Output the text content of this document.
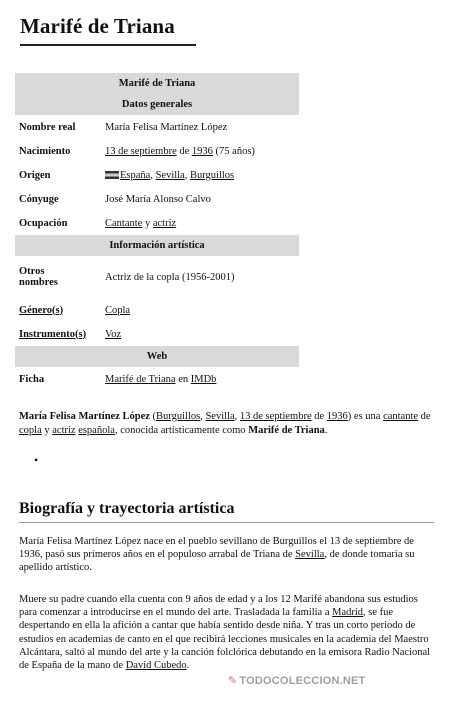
Marifé de Triana
Marifé de Triana	
Datos generales	
Nombre real	María Felisa Martínez López
Nacimiento	13 de septiembre de 1936 (75 años)
Origen	España, Sevilla, Burguillos
Cónyuge	José María Alonso Calvo
Ocupación	Cantante y actriz
Información artística	
Otros
nombres	Actriz de la copla (1956-2001)
Género(s)	Copla
Instrumento(s)	Voz
Web	
Ficha	Marifé de Triana en IMDb

María Felisa Martínez López (Burguillos, Sevilla, 13 de septiembre de 1936) es una cantante de copla y actriz española, conocida artísticamente como Marifé de Triana.

•
Biografía y trayectoria artística

María Felisa Martínez López nace en el pueblo sevillano de Burguillos el 13 de septiembre de 1936, pasó sus primeros años en el populoso arrabal de Triana de Sevilla, de donde tomaría su apellido artístico.

Muere su padre cuando ella cuenta con 9 años de edad y a los 12 Marifé abandona sus estudios para comenzar a introducirse en el mundo del arte. Trasladada la familia a Madrid, se fue despertando en ella la afición a cantar que había sentido desde niña. Y tras un corto periodo de estudios en academias de canto en el que recibirá lecciones musicales en la academia del Maestro Alcántara, saltó al mundo del arte y la canción folclórica debutando en la emisora Radio Nacional de España de la mano de David Cubedo.

✎ TODOCOLECCION.NET
